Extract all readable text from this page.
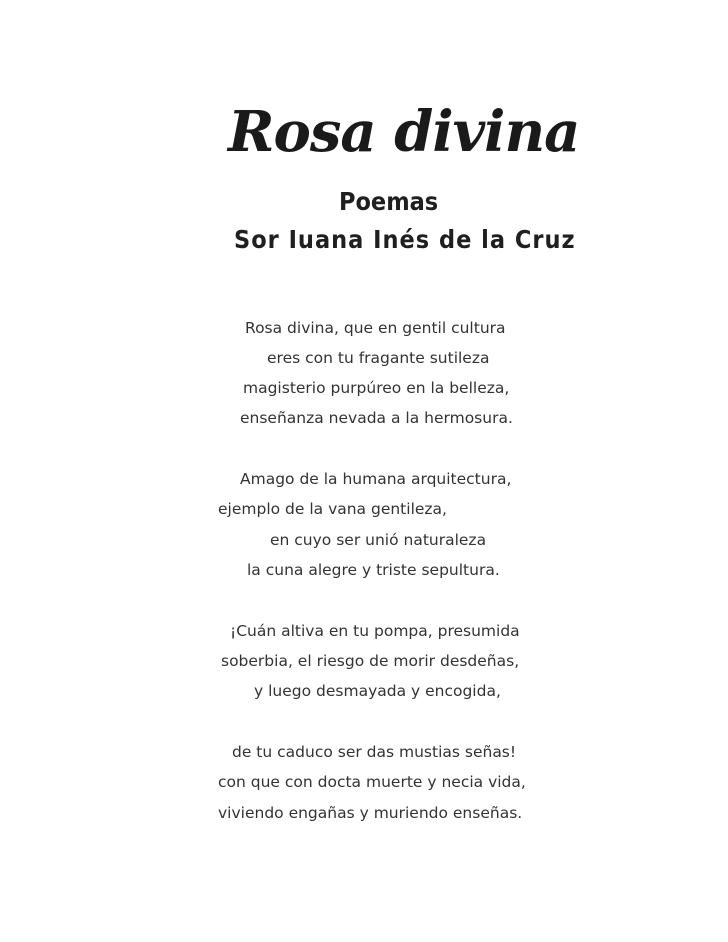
Rosa divina
Poemas
Sor Iuana Inés de la Cruz

Rosa divina, que en gentil cultura

eres con tu fragante sutileza

magisterio purpúreo en la belleza,

enseñanza nevada a la hermosura.

Amago de la humana arquitectura,

ejemplo de la vana gentileza,

en cuyo ser unió naturaleza

la cuna alegre y triste sepultura.

¡Cuán altiva en tu pompa, presumida

soberbia, el riesgo de morir desdeñas,

y luego desmayada y encogida,

de tu caduco ser das mustias señas!

con que con docta muerte y necia vida,

viviendo engañas y muriendo enseñas.
